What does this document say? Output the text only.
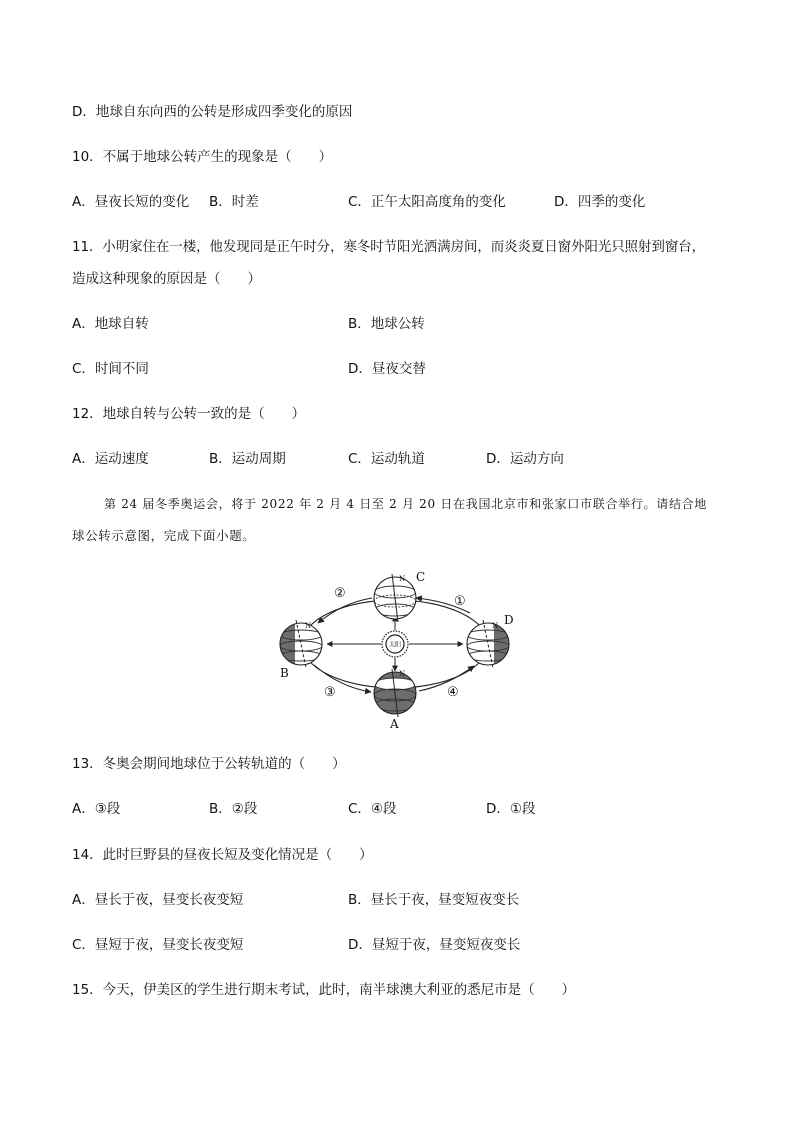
D．地球自东向西的公转是形成四季变化的原因
10．不属于地球公转产生的现象是（　　）
A．昼夜长短的变化 B．时差	C．正午太阳高度角的变化	D．四季的变化
11．小明家住在一楼，他发现同是正午时分，寒冬时节阳光洒满房间，而炎炎夏日窗外阳光只照射到窗台，
造成这种现象的原因是（　　）
A．地球自转	B．地球公转
C．时间不同	D．昼夜交替
12．地球自转与公转一致的是（　　）
A．运动速度	B．运动周期	C．运动轨道	D．运动方向
第 24 届冬季奥运会，将于 2022 年 2 月 4 日至 2 月 20 日在我国北京市和张家口市联合举行。请结合地
球公转示意图，完成下面小题。
太阳
N
N	N
N
C
B
D
A
①
②
③	④
13．冬奥会期间地球位于公转轨道的（　　）
A．③段	B．②段	C．④段	D．①段
14．此时巨野县的昼夜长短及变化情况是（　　）
A．昼长于夜，昼变长夜变短	B．昼长于夜，昼变短夜变长
C．昼短于夜，昼变长夜变短	D．昼短于夜，昼变短夜变长
15．今天，伊美区的学生进行期末考试，此时，南半球澳大利亚的悉尼市是（　　）
